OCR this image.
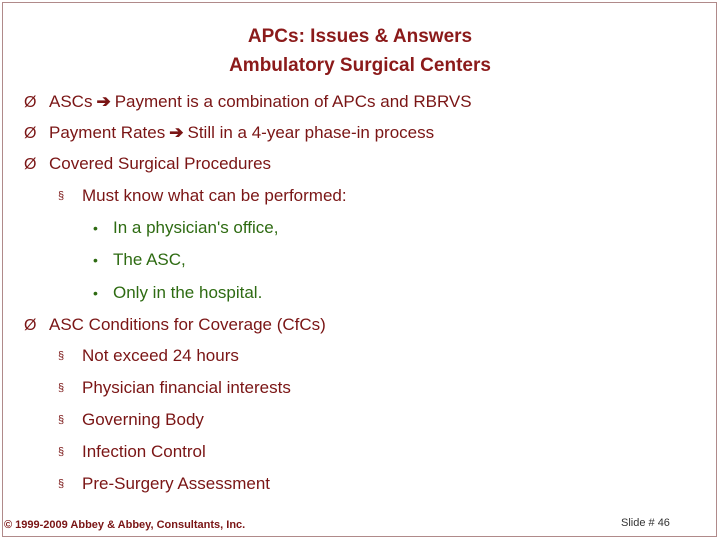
APCs: Issues & Answers
Ambulatory Surgical Centers
Ø ASCs ➔ Payment is a combination of APCs and RBRVS
Ø Payment Rates ➔ Still in a 4-year phase-in process
Ø Covered Surgical Procedures
§ Must know what can be performed:
• In a physician's office,
• The ASC,
• Only in the hospital.
Ø ASC Conditions for Coverage (CfCs)
§ Not exceed 24 hours
§ Physician financial interests
§ Governing Body
§ Infection Control
§ Pre-Surgery Assessment
© 1999-2009 Abbey & Abbey, Consultants, Inc.	Slide # 46
